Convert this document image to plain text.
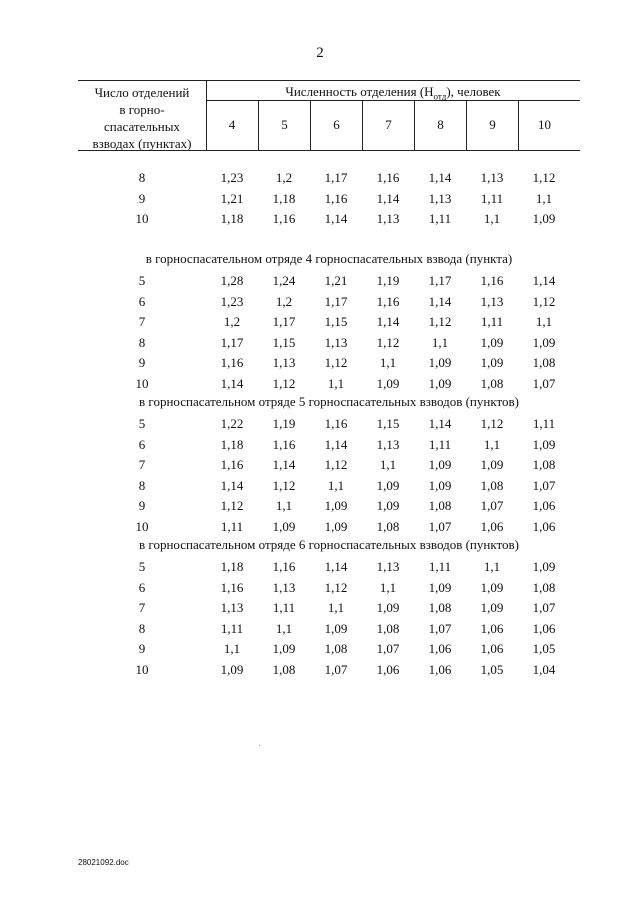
2
Число отделений
в горно-
спасательных
взводах (пунктах)
Численность отделения $(Н_{отд})$, человек
4	5	6	7	8	9	10
8	1,23	1,2	1,17	1,16	1,14	1,13	1,12
9	1,21	1,18	1,16	1,14	1,13	1,11	1,1
10	1,18	1,16	1,14	1,13	1,11	1,1	1,09
в горноспасательном отряде 4 горноспасательных взвода (пункта)
5	1,28	1,24	1,21	1,19	1,17	1,16	1,14
6	1,23	1,2	1,17	1,16	1,14	1,13	1,12
7	1,2	1,17	1,15	1,14	1,12	1,11	1,1
8	1,17	1,15	1,13	1,12	1,1	1,09	1,09
9	1,16	1,13	1,12	1,1	1,09	1,09	1,08
10	1,14	1,12	1,1	1,09	1,09	1,08	1,07
в горноспасательном отряде 5 горноспасательных взводов (пунктов)
5	1,22	1,19	1,16	1,15	1,14	1,12	1,11
6	1,18	1,16	1,14	1,13	1,11	1,1	1,09
7	1,16	1,14	1,12	1,1	1,09	1,09	1,08
8	1,14	1,12	1,1	1,09	1,09	1,08	1,07
9	1,12	1,1	1,09	1,09	1,08	1,07	1,06
10	1,11	1,09	1,09	1,08	1,07	1,06	1,06
в горноспасательном отряде 6 горноспасательных взводов (пунктов)
5	1,18	1,16	1,14	1,13	1,11	1,1	1,09
6	1,16	1,13	1,12	1,1	1,09	1,09	1,08
7	1,13	1,11	1,1	1,09	1,08	1,09	1,07
8	1,11	1,1	1,09	1,08	1,07	1,06	1,06
9	1,1	1,09	1,08	1,07	1,06	1,06	1,05
10	1,09	1,08	1,07	1,06	1,06	1,05	1,04
28021092.doc
